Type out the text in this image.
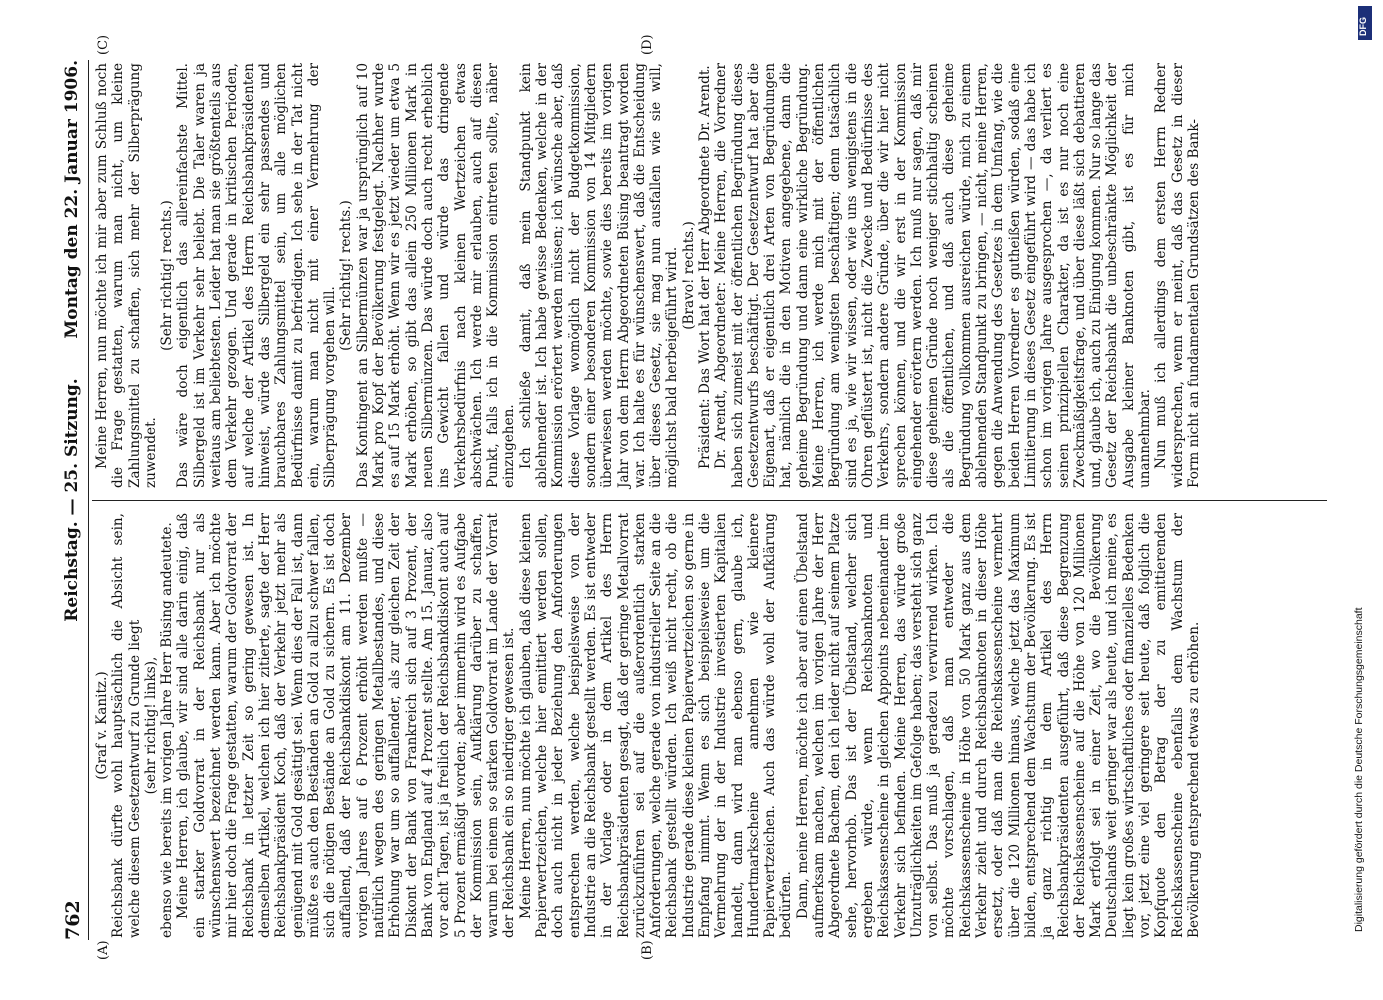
762
Reichstag. — 25. Sitzung.
Montag den 22. Januar 1906.
(A)	(B)
(C)	(D)

(Graf v. Kanitz.) Reichsbank dürfte wohl hauptsächlich die Absicht sein, welche diesem Gesetzentwurf zu Grunde liegt (sehr richtig! links), ebenso wie bereits im vorigen Jahre Herr Büsing andeutete. Meine Herren, ich glaube, wir sind alle darin einig, daß ein starker Goldvorrat in der Reichsbank nur als wünschenswert bezeichnet werden kann. Aber ich möchte mir hier doch die Frage gestatten, warum der Goldvorrat der Reichsbank in letzter Zeit so gering gewesen ist. In demselben Artikel, welchen ich hier zitierte, sagte der Herr Reichsbankpräsident Koch, daß der Verkehr jetzt mehr als genügend mit Gold gesättigt sei. Wenn dies der Fall ist, dann müßte es auch den Beständen an Gold zu allzu schwer fallen, sich die nötigen Bestände an Gold zu sichern. Es ist doch auffallend, daß der Reichsbankdiskont am 11. Dezember vorigen Jahres auf 6 Prozent erhöht werden mußte — natürlich wegen des geringen Metallbestandes, und diese Erhöhung war um so auffallender, als zur gleichen Zeit der Diskont der Bank von Frankreich sich auf 3 Prozent, der Bank von England auf 4 Prozent stellte. Am 15. Januar, also vor acht Tagen, ist ja freilich der Reichsbankdiskont auch auf 5 Prozent ermäßigt worden; aber immerhin wird es Aufgabe der Kommission sein, Aufklärung darüber zu schaffen, warum bei einem so starken Goldvorrat im Lande der Vorrat der Reichsbank ein so niedriger gewesen ist. Meine Herren, nun möchte ich glauben, daß diese kleinen Papierwertzeichen, welche hier emittiert werden sollen, doch auch nicht in jeder Beziehung den Anforderungen entsprechen werden, welche beispielsweise von der Industrie an die Reichsbank gestellt werden. Es ist entweder in der Vorlage oder in dem Artikel des Herrn Reichsbankpräsidenten gesagt, daß der geringe Metallvorrat zurückzuführen sei auf die außerordentlich starken Anforderungen, welche gerade von industrieller Seite an die Reichsbank gestellt würden. Ich weiß nicht recht, ob die Industrie gerade diese kleinen Papierwertzeichen so gerne in Empfang nimmt. Wenn es sich beispielsweise um die Vermehrung der in der Industrie investierten Kapitalien handelt, dann wird man ebenso gern, glaube ich, Hundertmarkscheine annehmen wie kleinere Papierwertzeichen. Auch das würde wohl der Aufklärung bedürfen. Dann, meine Herren, möchte ich aber auf einen Übelstand aufmerksam machen, welchen im vorigen Jahre der Herr Abgeordnete Bachem, den ich leider nicht auf seinem Platze sehe, hervorhob. Das ist der Übelstand, welcher sich ergeben würde, wenn Reichsbanknoten und Reichskassenscheine in gleichen Appoints nebeneinander im Verkehr sich befinden. Meine Herren, das würde große Unzuträglichkeiten im Gefolge haben; das versteht sich ganz von selbst. Das muß ja geradezu verwirrend wirken. Ich möchte vorschlagen, daß man entweder die Reichskassenscheine in Höhe von 50 Mark ganz aus dem Verkehr zieht und durch Reichsbanknoten in dieser Höhe ersetzt, oder daß man die Reichskassenscheine vermehrt über die 120 Millionen hinaus, welche jetzt das Maximum bilden, entsprechend dem Wachstum der Bevölkerung. Es ist ja ganz richtig in dem Artikel des Herrn Reichsbankpräsidenten ausgeführt, daß diese Begrenzung der Reichskassenscheine auf die Höhe von 120 Millionen Mark erfolgt sei in einer Zeit, wo die Bevölkerung Deutschlands weit geringer war als heute, und ich meine, es liegt kein großes wirtschaftliches oder finanzielles Bedenken vor, jetzt eine viel geringere seit heute, daß folglich die Kopfquote den Betrag der zu emittierenden Reichskassenscheine ebenfalls dem Wachstum der Bevölkerung entsprechend etwas zu erhöhen.

Meine Herren, nun möchte ich mir aber zum Schluß noch die Frage gestatten, warum man nicht, um kleine Zahlungsmittel zu schaffen, sich mehr der Silberprägung zuwendet.

(Sehr richtig! rechts.) Das wäre doch eigentlich das allereinfachste Mittel. Silbergeld ist im Verkehr sehr beliebt. Die Taler waren ja weitaus am beliebtesten. Leider hat man sie größtenteils aus dem Verkehr gezogen. Und gerade in kritischen Perioden, auf welche der Artikel des Herrn Reichsbankpräsidenten hinweist, würde das Silbergeld ein sehr passendes und brauchbares Zahlungsmittel sein, um alle möglichen Bedürfnisse damit zu befriedigen. Ich sehe in der Tat nicht ein, warum man nicht mit einer Vermehrung der Silberprägung vorgehen will.

(Sehr richtig! rechts.) Das Kontingent an Silbermünzen war ja ursprünglich auf 10 Mark pro Kopf der Bevölkerung festgelegt. Nachher wurde es auf 15 Mark erhöht. Wenn wir es jetzt wieder um etwa 5 Mark erhöhen, so gibt das allein 250 Millionen Mark in neuen Silbermünzen. Das würde doch auch recht erheblich ins Gewicht fallen und würde das dringende Verkehrsbedürfnis nach kleinen Wertzeichen etwas abschwächen. Ich werde mir erlauben, auch auf diesen Punkt, falls ich in die Kommission eintreten sollte, näher einzugehen. Ich schließe damit, daß mein Standpunkt kein ablehnender ist. Ich habe gewisse Bedenken, welche in der Kommission erörtert werden müssen; ich wünsche aber, daß diese Vorlage womöglich nicht der Budgetkommission, sondern einer besonderen Kommission von 14 Mitgliedern überwiesen werden möchte, sowie dies bereits im vorigen Jahr von dem Herrn Abgeordneten Büsing beantragt worden war. Ich halte es für wünschenswert, daß die Entscheidung über dieses Gesetz, sie mag nun ausfallen wie sie will, möglichst bald herbeigeführt wird. (Bravo! rechts.) Präsident: Das Wort hat der Herr Abgeordnete Dr. Arendt. Dr. Arendt, Abgeordneter: Meine Herren, die Vorredner haben sich zumeist mit der öffentlichen Begründung dieses Gesetzentwurfs beschäftigt. Der Gesetzentwurf hat aber die Eigenart, daß er eigentlich drei Arten von Begründungen hat, nämlich die in den Motiven angegebene, dann die geheime Begründung und dann eine wirkliche Begründung. Meine Herren, ich werde mich mit der öffentlichen Begründung am wenigsten beschäftigen; denn tatsächlich sind es ja, wie wir wissen, oder wie uns wenigstens in die Ohren geflüstert ist, nicht die Zwecke und Bedürfnisse des Verkehrs, sondern andere Gründe, über die wir hier nicht sprechen können, und die wir erst in der Kommission eingehender erörtern werden. Ich muß nur sagen, daß mir diese geheimen Gründe noch weniger stichhaltig scheinen als die öffentlichen, und daß auch diese geheime Begründung vollkommen ausreichen würde, mich zu einem ablehnenden Standpunkt zu bringen, — nicht, meine Herren, gegen die Anwendung des Gesetzes in dem Umfang, wie die beiden Herren Vorredner es gutheißen würden, sodaß eine Limitierung in dieses Gesetz eingeführt wird — das habe ich schon im vorigen Jahre ausgesprochen —, da verliert es seinen prinzipiellen Charakter, da ist es nur noch eine Zweckmäßigkeitsfrage, und über diese läßt sich debattieren und, glaube ich, auch zu Einigung kommen. Nur so lange das Gesetz der Reichsbank die unbeschränkte Möglichkeit der Ausgabe kleiner Banknoten gibt, ist es für mich unannehmbar. Nun muß ich allerdings dem ersten Herrn Redner widersprechen, wenn er meint, daß das Gesetz in dieser Form nicht an fundamentalen Grundsätzen des Bank-

DFG
Digitalisierung gefördert durch die Deutsche Forschungsgemeinschaft
